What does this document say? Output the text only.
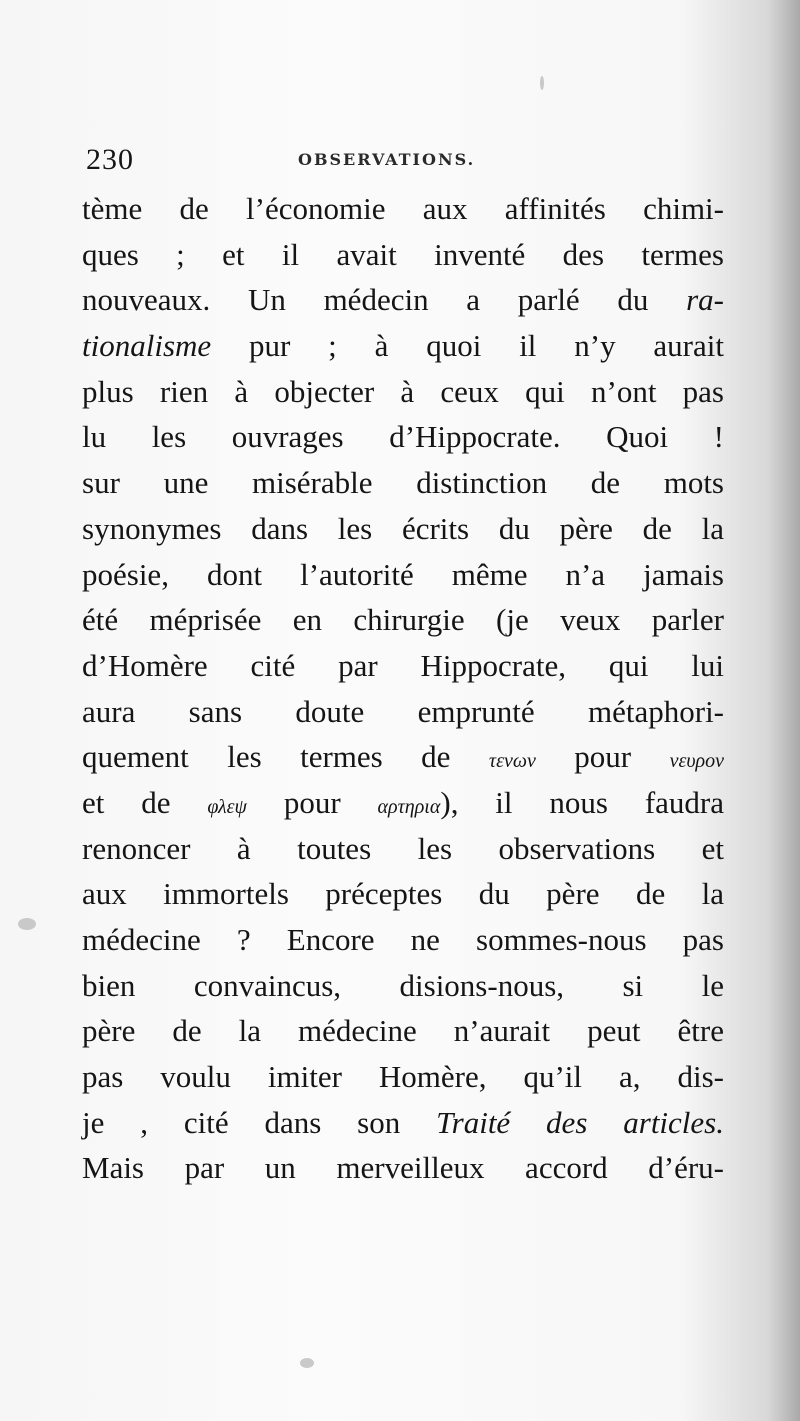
230	OBSERVATIONS.
tème de l’économie aux affinités chimi-
ques ; et il avait inventé des termes
nouveaux. Un médecin a parlé du ra-
tionalisme pur ; à quoi il n’y aurait
plus rien à objecter à ceux qui n’ont pas
lu les ouvrages d’Hippocrate. Quoi !
sur une misérable distinction de mots
synonymes dans les écrits du père de la
poésie, dont l’autorité même n’a jamais
été méprisée en chirurgie (je veux parler
d’Homère cité par Hippocrate, qui lui
aura sans doute emprunté métaphori-
quement les termes de τενων pour νευρον
et de φλεψ pour αρτηρια), il nous faudra
renoncer à toutes les observations et
aux immortels préceptes du père de la
médecine ? Encore ne sommes-nous pas
bien convaincus, disions-nous, si le
père de la médecine n’aurait peut être
pas voulu imiter Homère, qu’il a, dis-
je , cité dans son Traité des articles.
Mais par un merveilleux accord d’éru-
